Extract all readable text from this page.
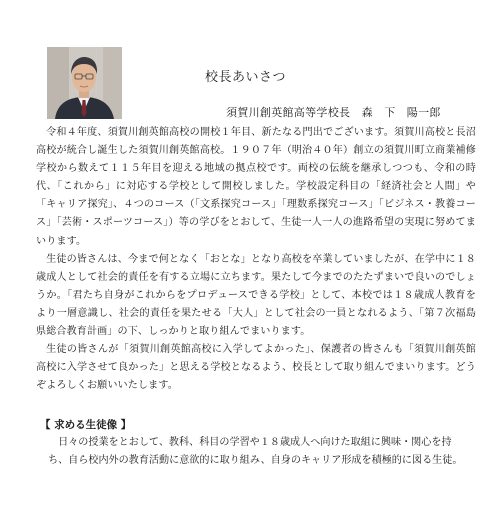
校長あいさつ
須賀川創英館高等学校長　森　下　陽一郎

令和４年度、須賀川創英館高校の開校１年目、新たなる門出でございます。須賀川高校と長沼高校が統合し誕生した須賀川創英館高校。１９０７年（明治４０年）創立の須賀川町立商業補修学校から数えて１１５年目を迎える地域の拠点校です。両校の伝統を継承しつつも、令和の時代、「これから」に対応する学校として開校しました。学校設定科目の「経済社会と人間」や「キャリア探究」、４つのコース（「文系探究コース」「理数系探究コース」「ビジネス・教養コース」「芸術・スポーツコース」）等の学びをとおして、生徒一人一人の進路希望の実現に努めてまいります。

生徒の皆さんは、今まで何となく「おとな」となり高校を卒業していましたが、在学中に１８歳成人として社会的責任を有する立場に立ちます。果たして今までのたたずまいで良いのでしょうか。「君たち自身がこれからをプロデュースできる学校」として、本校では１８歳成人教育をより一層意識し、社会的責任を果たせる「大人」として社会の一員となれるよう、「第７次福島県総合教育計画」の下、しっかりと取り組んでまいります。

生徒の皆さんが「須賀川創英館高校に入学してよかった」、保護者の皆さんも「須賀川創英館高校に入学させて良かった」と思える学校となるよう、校長として取り組んでまいります。どうぞよろしくお願いいたします。

【 求める生徒像 】

日々の授業をとおして、教科、科目の学習や１８歳成人へ向けた取組に興味・関心を持ち、自ら校内外の教育活動に意欲的に取り組み、自身のキャリア形成を積極的に図る生徒。
